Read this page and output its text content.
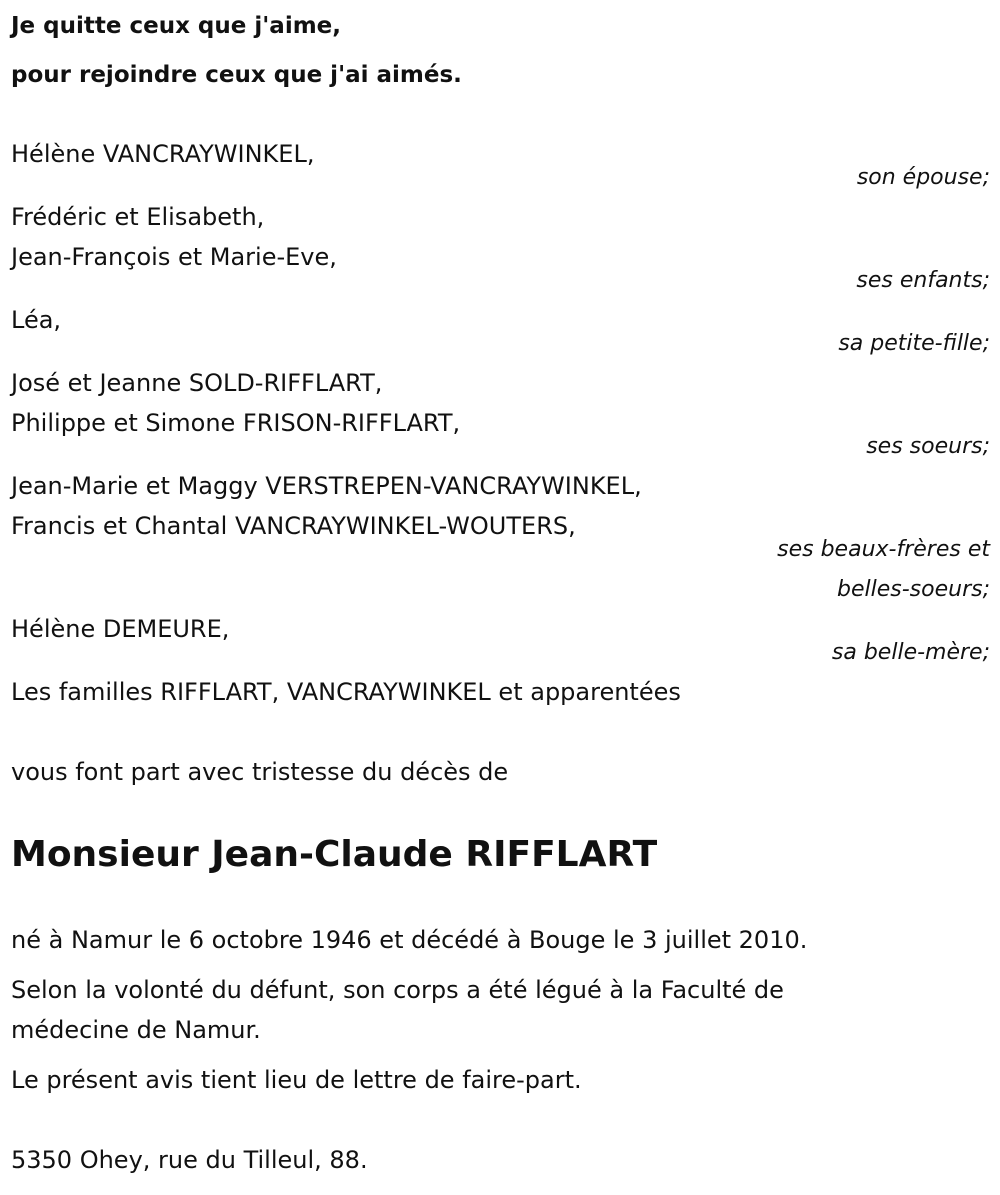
Je quitte ceux que j'aime,
pour rejoindre ceux que j'ai aimés.
Hélène VANCRAYWINKEL,
son épouse;
Frédéric et Elisabeth,
Jean-François et Marie-Eve,
ses enfants;
Léa,
sa petite-fille;
José et Jeanne SOLD-RIFFLART,
Philippe et Simone FRISON-RIFFLART,
ses soeurs;
Jean-Marie et Maggy VERSTREPEN-VANCRAYWINKEL,
Francis et Chantal VANCRAYWINKEL-WOUTERS,
ses beaux-frères et
belles-soeurs;
Hélène DEMEURE,
sa belle-mère;
Les familles RIFFLART, VANCRAYWINKEL et apparentées
vous font part avec tristesse du décès de
Monsieur Jean-Claude RIFFLART
né à Namur le 6 octobre 1946 et décédé à Bouge le 3 juillet 2010.
Selon la volonté du défunt, son corps a été légué à la Faculté de
médecine de Namur.
Le présent avis tient lieu de lettre de faire-part.
5350 Ohey, rue du Tilleul, 88.
